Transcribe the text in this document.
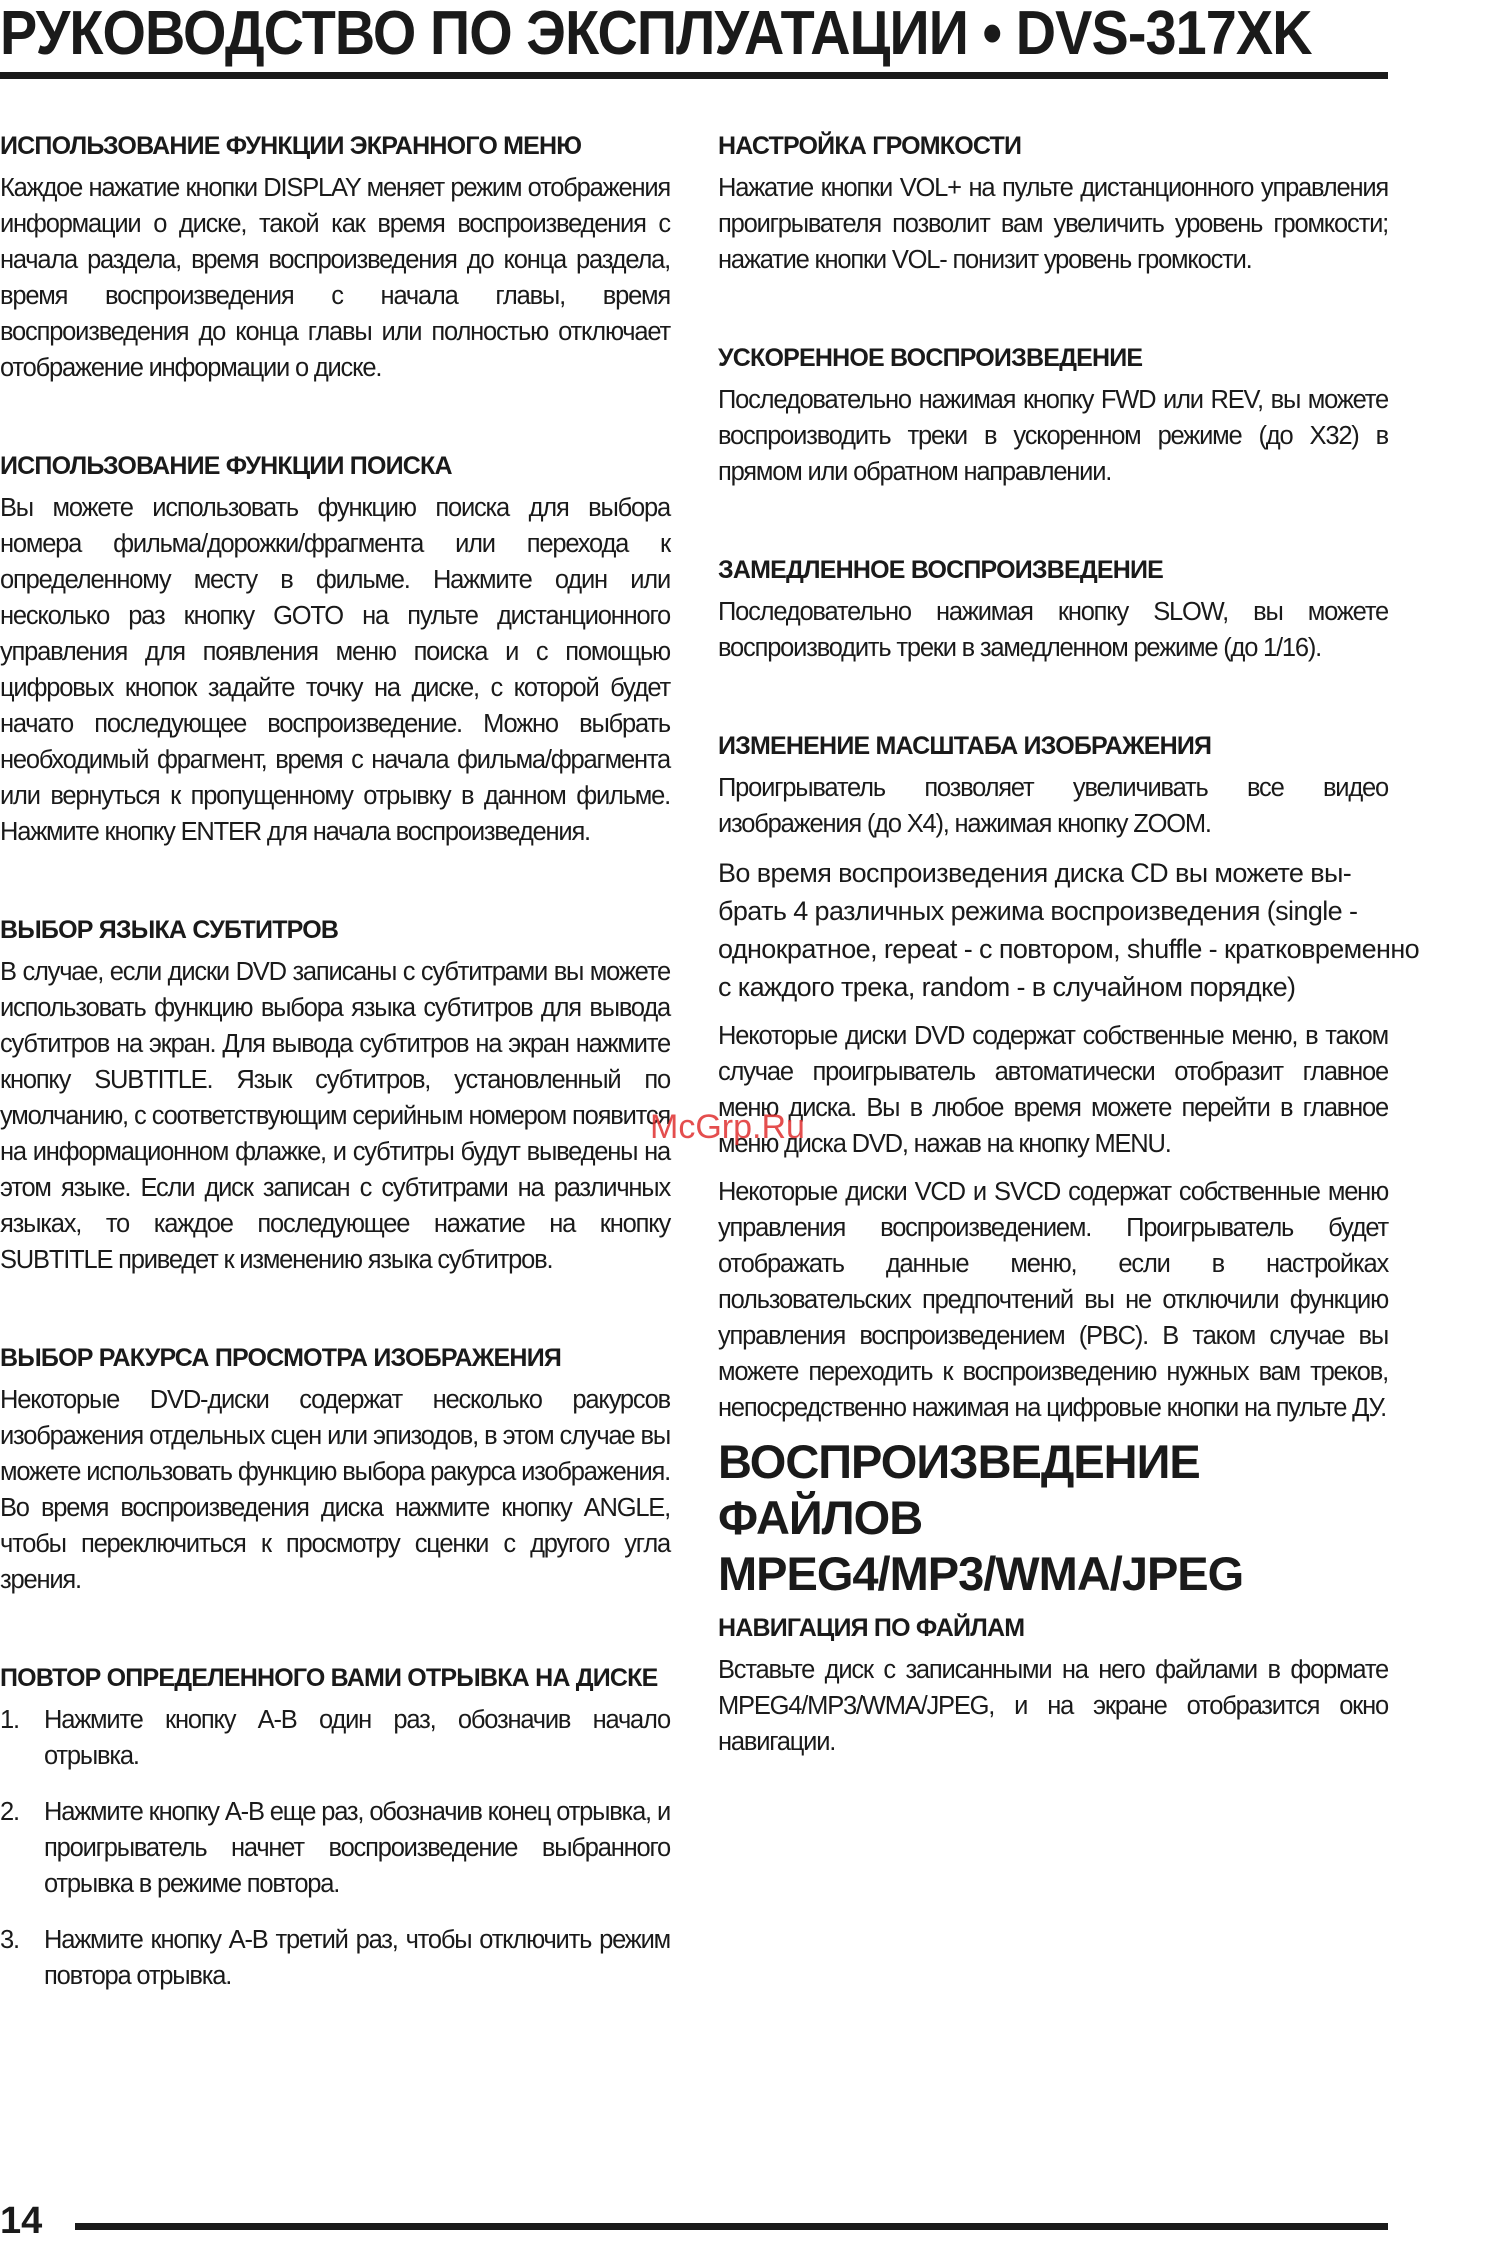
РУКОВОДСТВО ПО ЭКСПЛУАТАЦИИ • DVS-317XK
ИСПОЛЬЗОВАНИЕ ФУНКЦИИ ЭКРАННОГО МЕНЮ

Каждое нажатие кнопки DISPLAY меняет режим отображения информации о диске, такой как время воспроизведения с начала раздела, время воспроизведения до конца раздела, время воспроизведения с начала главы, время воспроизведения до конца главы или полностью отключает отображение информации о диске.

ИСПОЛЬЗОВАНИЕ ФУНКЦИИ ПОИСКА

Вы можете использовать функцию поиска для выбора номера фильма/дорожки/фрагмента или перехода к определенному месту в фильме. Нажмите один или несколько раз кнопку GOTO на пульте дистанционного управления для появления меню поиска и с помощью цифровых кнопок задайте точку на диске, с которой будет начато последующее воспроизведение. Можно выбрать необходимый фрагмент, время с начала фильма/фрагмента или вернуться к пропущенному отрывку в данном фильме. Нажмите кнопку ENTER для начала воспроизведения.

ВЫБОР ЯЗЫКА СУБТИТРОВ

В случае, если диски DVD записаны с субтитрами вы можете использовать функцию выбора языка субтитров для вывода субтитров на экран. Для вывода субтитров на экран нажмите кнопку SUBTITLE. Язык субтитров, установленный по умолчанию, с соответствующим серийным номером появится на информационном флажке, и субтитры будут выведены на этом языке. Если диск записан с субтитрами на различных языках, то каждое последующее нажатие на кнопку SUBTITLE приведет к изменению языка субтитров.

ВЫБОР РАКУРСА ПРОСМОТРА ИЗОБРАЖЕНИЯ

Некоторые DVD-диски содержат несколько ракурсов изображения отдельных сцен или эпизодов, в этом случае вы можете использовать функцию выбора ракурса изображения. Во время воспроизведения диска нажмите кнопку ANGLE, чтобы переключиться к просмотру сценки с другого угла зрения.

ПОВТОР ОПРЕДЕЛЕННОГО ВАМИ ОТРЫВКА НА ДИСКЕ
1. Нажмите кнопку A-B один раз, обозначив начало отрывка.
2. Нажмите кнопку A-B еще раз, обозначив конец отрывка, и проигрыватель начнет воспроизведение выбранного отрывка в режиме повтора.
3. Нажмите кнопку A-B третий раз, чтобы отключить режим повтора отрывка.
НАСТРОЙКА ГРОМКОСТИ

Нажатие кнопки VOL+ на пульте дистанционного управления проигрывателя позволит вам увеличить уровень громкости; нажатие кнопки VOL- понизит уровень громкости.

УСКОРЕННОЕ ВОСПРОИЗВЕДЕНИЕ

Последовательно нажимая кнопку FWD или REV, вы можете воспроизводить треки в ускоренном режиме (до X32) в прямом или обратном направлении.

ЗАМЕДЛЕННОЕ ВОСПРОИЗВЕДЕНИЕ

Последовательно нажимая кнопку SLOW, вы можете воспроизводить треки в замедленном режиме (до 1/16).

ИЗМЕНЕНИЕ МАСШТАБА ИЗОБРАЖЕНИЯ

Проигрыватель позволяет увеличивать все видео изображения (до X4), нажимая кнопку ZOOM.

Во время воспроизведения диска CD вы можете вы-
брать 4 различных режима воспроизведения (single -
однократное, repeat - с повтором, shuffle - кратковременно
с каждого трека, random - в случайном порядке)

Некоторые диски DVD содержат собственные меню, в таком случае проигрыватель автоматически отобразит главное меню диска. Вы в любое время можете перейти в главное меню диска DVD, нажав на кнопку MENU.

Некоторые диски VCD и SVCD содержат собственные меню управления воспроизведением. Проигрыватель будет отображать данные меню, если в настройках пользовательских предпочтений вы не отключили функцию управления воспроизведением (PBC). В таком случае вы можете переходить к воспроизведению нужных вам треков, непосредственно нажимая на цифровые кнопки на пульте ДУ.

ВОСПРОИЗВЕДЕНИЕ ФАЙЛОВ
MPEG4/MP3/WMA/JPEG
НАВИГАЦИЯ ПО ФАЙЛАМ

Вставьте диск с записанными на него файлами в формате MPEG4/MP3/WMA/JPEG, и на экране отобразится окно навигации.

McGrp.Ru
14
